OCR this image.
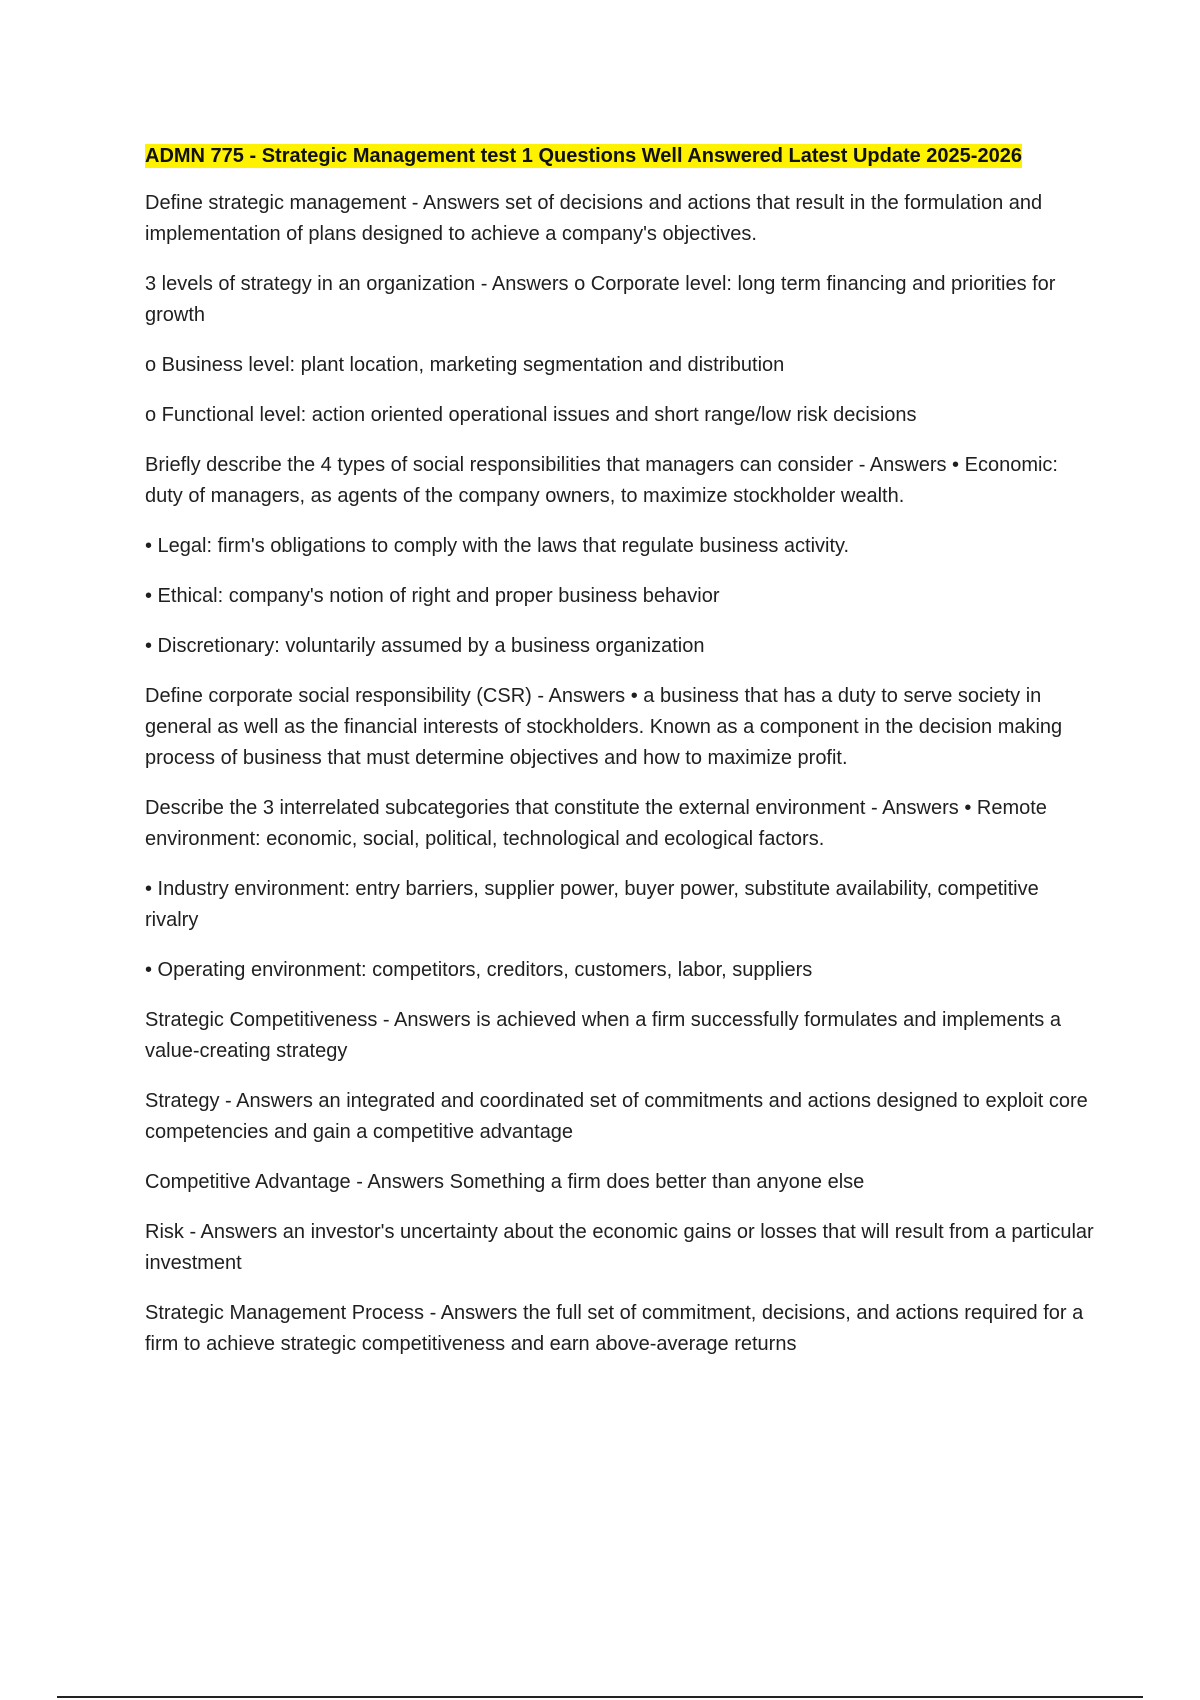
ADMN 775 - Strategic Management test 1 Questions Well Answered Latest Update 2025-2026

Define strategic management - Answers set of decisions and actions that result in the formulation and implementation of plans designed to achieve a company's objectives.

3 levels of strategy in an organization - Answers o Corporate level: long term financing and priorities for growth

o Business level: plant location, marketing segmentation and distribution

o Functional level: action oriented operational issues and short range/low risk decisions

Briefly describe the 4 types of social responsibilities that managers can consider - Answers • Economic: duty of managers, as agents of the company owners, to maximize stockholder wealth.

• Legal: firm's obligations to comply with the laws that regulate business activity.

• Ethical: company's notion of right and proper business behavior

• Discretionary: voluntarily assumed by a business organization

Define corporate social responsibility (CSR) - Answers • a business that has a duty to serve society in general as well as the financial interests of stockholders. Known as a component in the decision making process of business that must determine objectives and how to maximize profit.

Describe the 3 interrelated subcategories that constitute the external environment - Answers • Remote environment: economic, social, political, technological and ecological factors.

• Industry environment: entry barriers, supplier power, buyer power, substitute availability, competitive rivalry

• Operating environment: competitors, creditors, customers, labor, suppliers

Strategic Competitiveness - Answers is achieved when a firm successfully formulates and implements a value-creating strategy

Strategy - Answers an integrated and coordinated set of commitments and actions designed to exploit core competencies and gain a competitive advantage

Competitive Advantage - Answers Something a firm does better than anyone else

Risk - Answers an investor's uncertainty about the economic gains or losses that will result from a particular investment

Strategic Management Process - Answers the full set of commitment, decisions, and actions required for a firm to achieve strategic competitiveness and earn above-average returns
